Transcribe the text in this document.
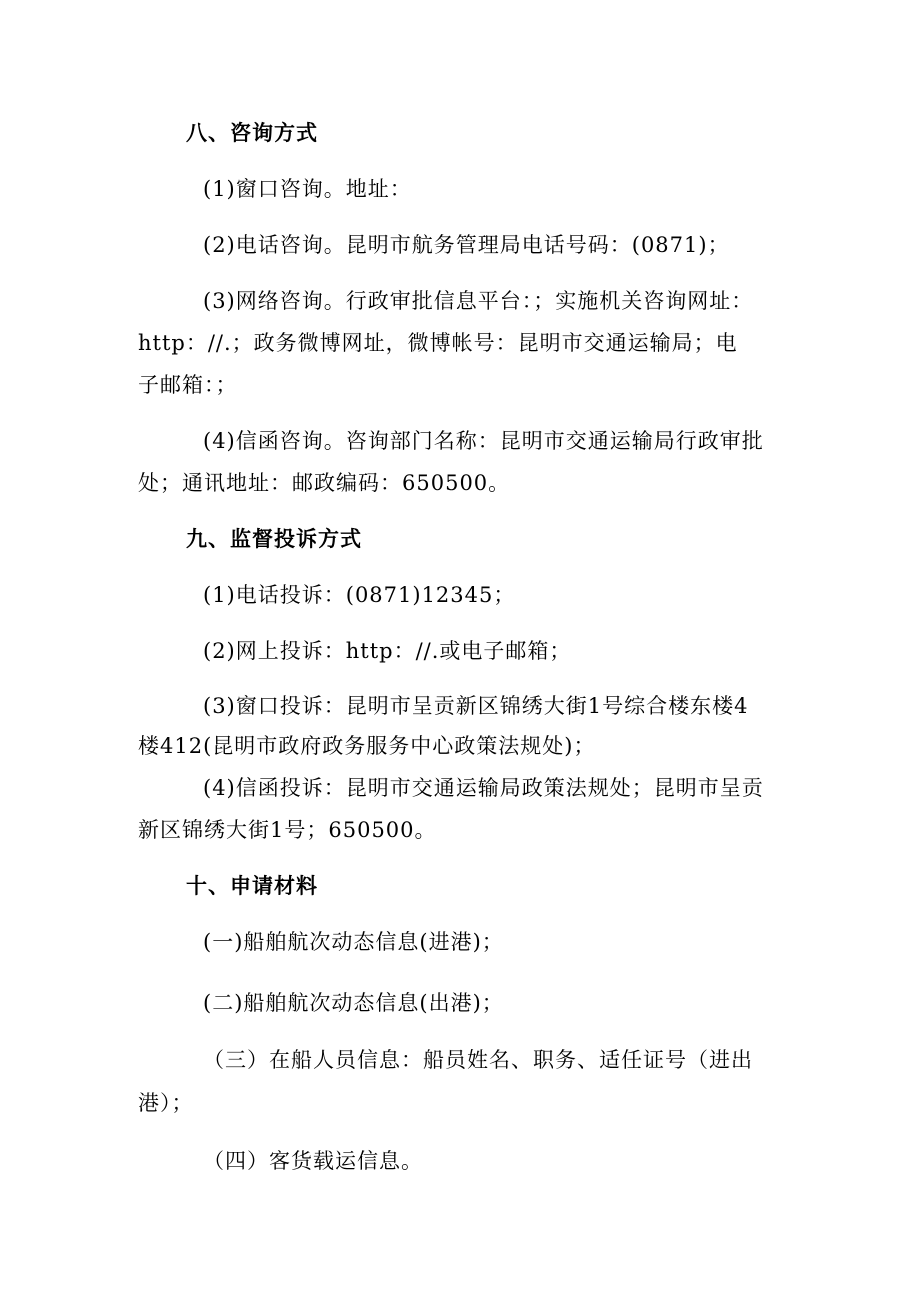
八、咨询方式
(1)窗口咨询。地址：
(2)电话咨询。昆明市航务管理局电话号码：(0871)；
(3)网络咨询。行政审批信息平台：；实施机关咨询网址：
http：//.；政务微博网址，微博帐号：昆明市交通运输局；电
子邮箱：；
(4)信函咨询。咨询部门名称：昆明市交通运输局行政审批
处；通讯地址：邮政编码：650500。
九、监督投诉方式
(1)电话投诉：(0871)12345；
(2)网上投诉：http：//.或电子邮箱；
(3)窗口投诉：昆明市呈贡新区锦绣大街1号综合楼东楼4
楼412(昆明市政府政务服务中心政策法规处)；
(4)信函投诉：昆明市交通运输局政策法规处；昆明市呈贡
新区锦绣大街1号；650500。
十、申请材料
(一)船舶航次动态信息(进港)；
(二)船舶航次动态信息(出港)；
（三）在船人员信息：船员姓名、职务、适任证号（进出
港）；
（四）客货载运信息。
